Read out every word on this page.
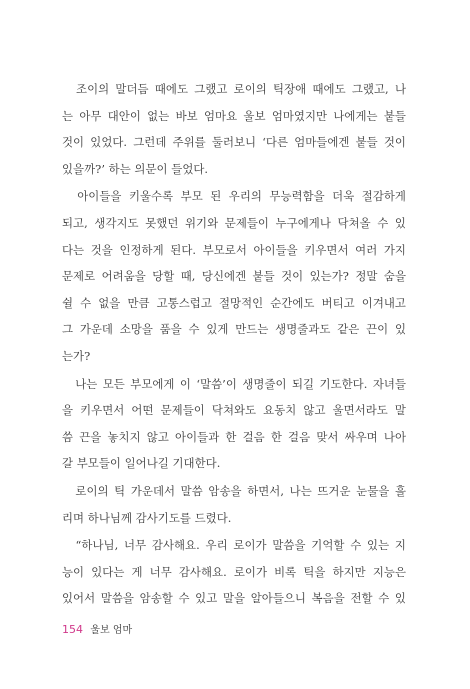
　조이의 말더듬 때에도 그랬고 로이의 틱장애 때에도 그랬고, 나
는 아무 대안이 없는 바보 엄마요 울보 엄마였지만 나에게는 붙들
것이 있었다. 그런데 주위를 둘러보니 ‘다른 엄마들에겐 붙들 것이
있을까?’ 하는 의문이 들었다.
　아이들을 키울수록 부모 된 우리의 무능력함을 더욱 절감하게
되고, 생각지도 못했던 위기와 문제들이 누구에게나 닥쳐올 수 있
다는 것을 인정하게 된다. 부모로서 아이들을 키우면서 여러 가지
문제로 어려움을 당할 때, 당신에겐 붙들 것이 있는가? 정말 숨을
쉴 수 없을 만큼 고통스럽고 절망적인 순간에도 버티고 이겨내고
그 가운데 소망을 품을 수 있게 만드는 생명줄과도 같은 끈이 있
는가?
　나는 모든 부모에게 이 ‘말씀’이 생명줄이 되길 기도한다. 자녀들
을 키우면서 어떤 문제들이 닥쳐와도 요동치 않고 울면서라도 말
씀 끈을 놓치지 않고 아이들과 한 걸음 한 걸음 맞서 싸우며 나아
갈 부모들이 일어나길 기대한다.
　로이의 틱 가운데서 말씀 암송을 하면서, 나는 뜨거운 눈물을 흘
리며 하나님께 감사기도를 드렸다.
　“하나님, 너무 감사해요. 우리 로이가 말씀을 기억할 수 있는 지
능이 있다는 게 너무 감사해요. 로이가 비록 틱을 하지만 지능은
있어서 말씀을 암송할 수 있고 말을 알아들으니 복음을 전할 수 있
154 울보 엄마
